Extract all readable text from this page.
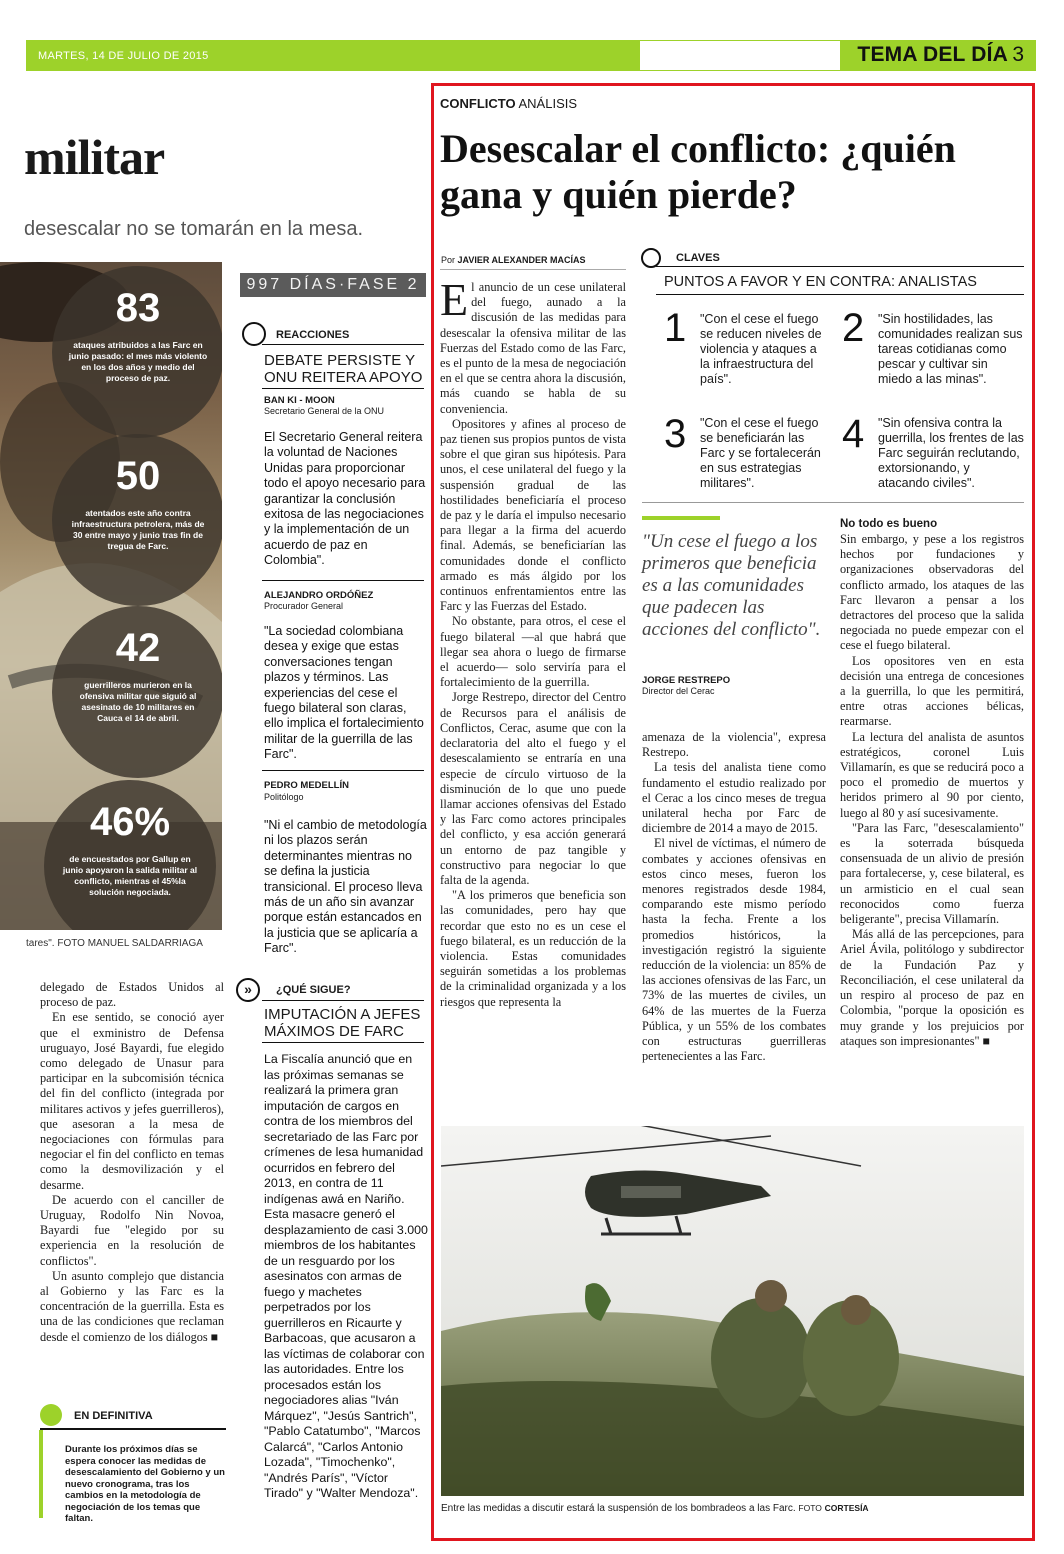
MARTES, 14 DE JULIO DE 2015	TEMA DEL DÍA 3
militar
desescalar no se tomarán en la mesa.
83
ataques atribuidos a las Farc en junio pasado: el mes más violento en los dos años y medio del proceso de paz.
50
atentados este año contra infraestructura petrolera, más de 30 entre mayo y junio tras fin de tregua de Farc.
42
guerrilleros murieron en la ofensiva militar que siguió al asesinato de 10 militares en Cauca el 14 de abril.
46%
de encuestados por Gallup en junio apoyaron la salida militar al conflicto, mientras el 45%la solución negociada.
tares". FOTO MANUEL SALDARRIAGA

delegado de Estados Unidos al proceso de paz.

En ese sentido, se conoció ayer que el exministro de Defensa uruguayo, José Bayardi, fue elegido como delegado de Unasur para participar en la subcomisión técnica del fin del conflicto (integrada por militares activos y jefes guerrilleros), que asesoran a la mesa de negociaciones con fórmulas para negociar el fin del conflicto en temas como la desmovilización y el desarme.

De acuerdo con el canciller de Uruguay, Rodolfo Nin Novoa, Bayardi fue "elegido por su experiencia en la resolución de conflictos".

Un asunto complejo que distancia al Gobierno y las Farc es la concentración de la guerrilla. Esta es una de las condiciones que reclaman desde el comienzo de los diálogos ■

EN DEFINITIVA
Durante los próximos días se espera conocer las medidas de desescalamiento del Gobierno y un nuevo cronograma, tras los cambios en la metodología de negociación de los temas que faltan.
997 DÍAS·FASE 2
REACCIONES
DEBATE PERSISTE Y ONU REITERA APOYO
BAN KI - MOON
Secretario General de la ONU
El Secretario General reitera la voluntad de Naciones Unidas para proporcionar todo el apoyo necesario para garantizar la conclusión exitosa de las negociaciones y la implementación de un acuerdo de paz en Colombia".
ALEJANDRO ORDÓÑEZ
Procurador General
"La sociedad colombiana desea y exige que estas conversaciones tengan plazos y términos. Las experiencias del cese el fuego bilateral son claras, ello implica el fortalecimiento militar de la guerrilla de las Farc".
PEDRO MEDELLÍN
Politólogo
"Ni el cambio de metodología ni los plazos serán determinantes mientras no se defina la justicia transicional. El proceso lleva más de un año sin avanzar porque están estancados en la justicia que se aplicaría a Farc".
»	¿QUÉ SIGUE?
IMPUTACIÓN A JEFES MÁXIMOS DE FARC
La Fiscalía anunció que en las próximas semanas se realizará la primera gran imputación de cargos en contra de los miembros del secretariado de las Farc por crímenes de lesa humanidad ocurridos en febrero del 2013, en contra de 11 indígenas awá en Nariño. Esta masacre generó el desplazamiento de casi 3.000 miembros de los habitantes de un resguardo por los asesinatos con armas de fuego y machetes perpetrados por los guerrilleros en Ricaurte y Barbacoas, que acusaron a las víctimas de colaborar con las autoridades. Entre los procesados están los negociadores alias "Iván Márquez", "Jesús Santrich", "Pablo Catatumbo", "Marcos Calarcá", "Carlos Antonio Lozada", "Timochenko", "Andrés París", "Víctor Tirado" y "Walter Mendoza".
CONFLICTO ANÁLISIS
Desescalar el conflicto: ¿quién gana y quién pierde?
Por JAVIER ALEXANDER MACÍAS

El anuncio de un cese unilateral del fuego, aunado a la discusión de las medidas para desescalar la ofensiva militar de las Fuerzas del Estado como de las Farc, es el punto de la mesa de negociación en el que se centra ahora la discusión, más cuando se habla de su conveniencia.

Opositores y afines al proceso de paz tienen sus propios puntos de vista sobre el que giran sus hipótesis. Para unos, el cese unilateral del fuego y la suspensión gradual de las hostilidades beneficiaría el proceso de paz y le daría el impulso necesario para llegar a la firma del acuerdo final. Además, se beneficiarían las comunidades donde el conflicto armado es más álgido por los continuos enfrentamientos entre las Farc y las Fuerzas del Estado.

No obstante, para otros, el cese el fuego bilateral —al que habrá que llegar sea ahora o luego de firmarse el acuerdo— solo serviría para el fortalecimiento de la guerrilla.

Jorge Restrepo, director del Centro de Recursos para el análisis de Conflictos, Cerac, asume que con la declaratoria del alto el fuego y el desescalamiento se entraría en una especie de círculo virtuoso de la disminución de lo que uno puede llamar acciones ofensivas del Estado y las Farc como actores principales del conflicto, y esa acción generará un entorno de paz tangible y constructivo para negociar lo que falta de la agenda.

"A los primeros que beneficia son las comunidades, pero hay que recordar que esto no es un cese el fuego bilateral, es un reducción de la violencia. Estas comunidades seguirán sometidas a los problemas de la criminalidad organizada y a los riesgos que representa la

CLAVES
PUNTOS A FAVOR Y EN CONTRA: ANALISTAS
1 "Con el cese el fuego se reducen niveles de violencia y ataques a la infraestructura del país".
2 "Sin hostilidades, las comunidades realizan sus tareas cotidianas como pescar y cultivar sin miedo a las minas".
3 "Con el cese el fuego se beneficiarán las Farc y se fortalecerán en sus estrategias militares".
4 "Sin ofensiva contra la guerrilla, los frentes de las Farc seguirán reclutando, extorsionando, y atacando civiles".
"Un cese el fuego a los primeros que beneficia es a las comunidades que padecen las acciones del conflicto".
JORGE RESTREPO
Director del Cerac

amenaza de la violencia", expresa Restrepo.

La tesis del analista tiene como fundamento el estudio realizado por el Cerac a los cinco meses de tregua unilateral hecha por Farc de diciembre de 2014 a mayo de 2015.

El nivel de víctimas, el número de combates y acciones ofensivas en estos cinco meses, fueron los menores registrados desde 1984, comparando este mismo período hasta la fecha. Frente a los promedios históricos, la investigación registró la siguiente reducción de la violencia: un 85% de las acciones ofensivas de las Farc, un 73% de las muertes de civiles, un 64% de las muertes de la Fuerza Pública, y un 55% de los combates con estructuras guerrilleras pertenecientes a las Farc.

No todo es bueno

Sin embargo, y pese a los registros hechos por fundaciones y organizaciones observadoras del conflicto armado, los ataques de las Farc llevaron a pensar a los detractores del proceso que la salida negociada no puede empezar con el cese el fuego bilateral.

Los opositores ven en esta decisión una entrega de concesiones a la guerrilla, lo que les permitirá, entre otras acciones bélicas, rearmarse.

La lectura del analista de asuntos estratégicos, coronel Luis Villamarín, es que se reducirá poco a poco el promedio de muertos y heridos primero al 90 por ciento, luego al 80 y así sucesivamente.

"Para las Farc, "desescalamiento" es la soterrada búsqueda consensuada de un alivio de presión para fortalecerse, y, cese bilateral, es un armisticio en el cual sean reconocidos como fuerza beligerante", precisa Villamarín.

Más allá de las percepciones, para Ariel Ávila, politólogo y subdirector de la Fundación Paz y Reconciliación, el cese unilateral da un respiro al proceso de paz en Colombia, "porque la oposición es muy grande y los prejuicios por ataques son impresionantes" ■

Entre las medidas a discutir estará la suspensión de los bombradeos a las Farc. FOTO CORTESÍA
